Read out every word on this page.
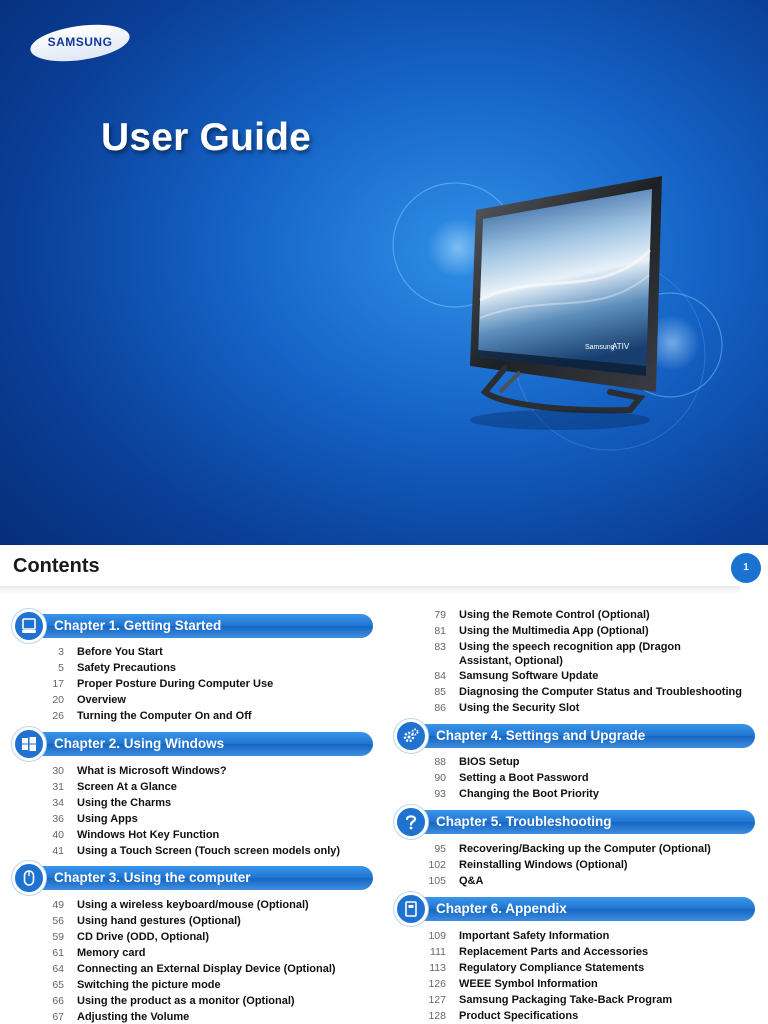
Samsung
ATIV
SAMSUNG
User Guide
Contents	1
Chapter 1. Getting Started
3 Before You Start
5 Safety Precautions
17 Proper Posture During Computer Use
20 Overview
26 Turning the Computer On and Off
Chapter 2. Using Windows
30 What is Microsoft Windows?
31 Screen At a Glance
34 Using the Charms
36 Using Apps
40 Windows Hot Key Function
41 Using a Touch Screen (Touch screen models only)
Chapter 3. Using the computer
49 Using a wireless keyboard/mouse (Optional)
56 Using hand gestures (Optional)
59 CD Drive (ODD, Optional)
61 Memory card
64 Connecting an External Display Device (Optional)
65 Switching the picture mode
66 Using the product as a monitor (Optional)
67 Adjusting the Volume
79 Using the Remote Control (Optional)
81 Using the Multimedia App (Optional)
83 Using the speech recognition app (Dragon Assistant, Optional)
84 Samsung Software Update
85 Diagnosing the Computer Status and Troubleshooting
86 Using the Security Slot
Chapter 4. Settings and Upgrade
88 BIOS Setup
90 Setting a Boot Password
93 Changing the Boot Priority
Chapter 5. Troubleshooting
95 Recovering/Backing up the Computer (Optional)
102 Reinstalling Windows (Optional)
105 Q&A
Chapter 6. Appendix
109 Important Safety Information
111 Replacement Parts and Accessories
113 Regulatory Compliance Statements
126 WEEE Symbol Information
127 Samsung Packaging Take-Back Program
128 Product Specifications
